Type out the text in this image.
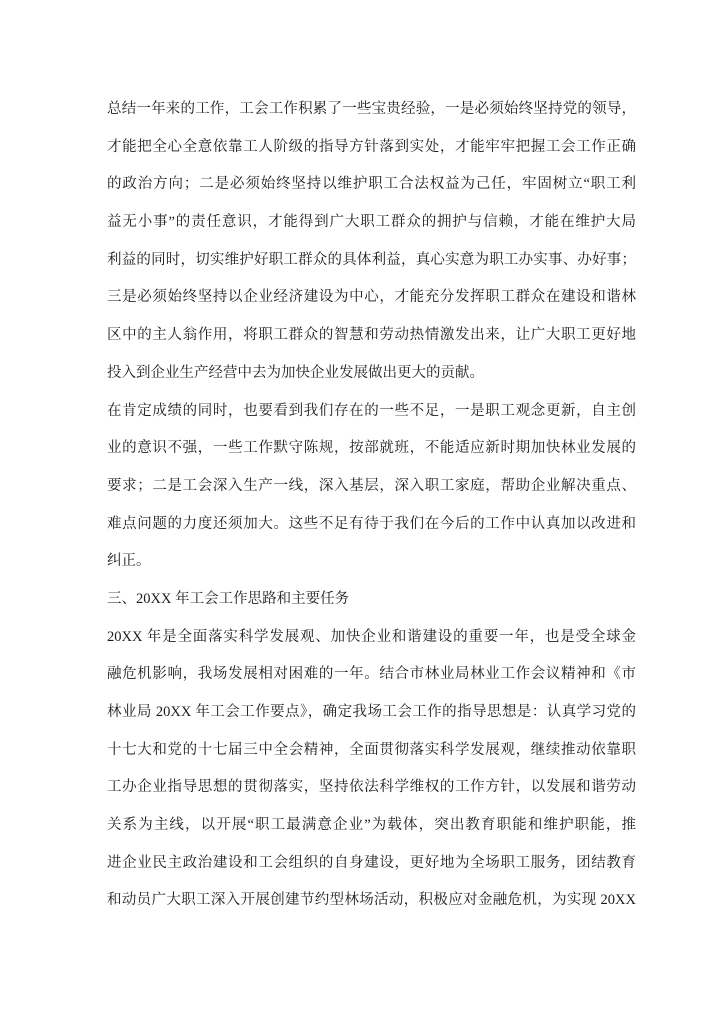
总结一年来的工作，工会工作积累了一些宝贵经验，一是必须始终坚持党的领导，
才能把全心全意依靠工人阶级的指导方针落到实处，才能牢牢把握工会工作正确
的政治方向；二是必须始终坚持以维护职工合法权益为己任，牢固树立“职工利
益无小事”的责任意识，才能得到广大职工群众的拥护与信赖，才能在维护大局
利益的同时，切实维护好职工群众的具体利益，真心实意为职工办实事、办好事；
三是必须始终坚持以企业经济建设为中心，才能充分发挥职工群众在建设和谐林
区中的主人翁作用，将职工群众的智慧和劳动热情激发出来，让广大职工更好地
投入到企业生产经营中去为加快企业发展做出更大的贡献。
在肯定成绩的同时，也要看到我们存在的一些不足，一是职工观念更新，自主创
业的意识不强，一些工作默守陈规，按部就班，不能适应新时期加快林业发展的
要求；二是工会深入生产一线，深入基层，深入职工家庭，帮助企业解决重点、
难点问题的力度还须加大。这些不足有待于我们在今后的工作中认真加以改进和
纠正。
三、20XX 年工会工作思路和主要任务
20XX 年是全面落实科学发展观、加快企业和谐建设的重要一年，也是受全球金
融危机影响，我场发展相对困难的一年。结合市林业局林业工作会议精神和《市
林业局 20XX 年工会工作要点》，确定我场工会工作的指导思想是：认真学习党的
十七大和党的十七届三中全会精神，全面贯彻落实科学发展观，继续推动依靠职
工办企业指导思想的贯彻落实，坚持依法科学维权的工作方针，以发展和谐劳动
关系为主线，以开展“职工最满意企业”为载体，突出教育职能和维护职能，推
进企业民主政治建设和工会组织的自身建设，更好地为全场职工服务，团结教育
和动员广大职工深入开展创建节约型林场活动，积极应对金融危机，为实现 20XX
